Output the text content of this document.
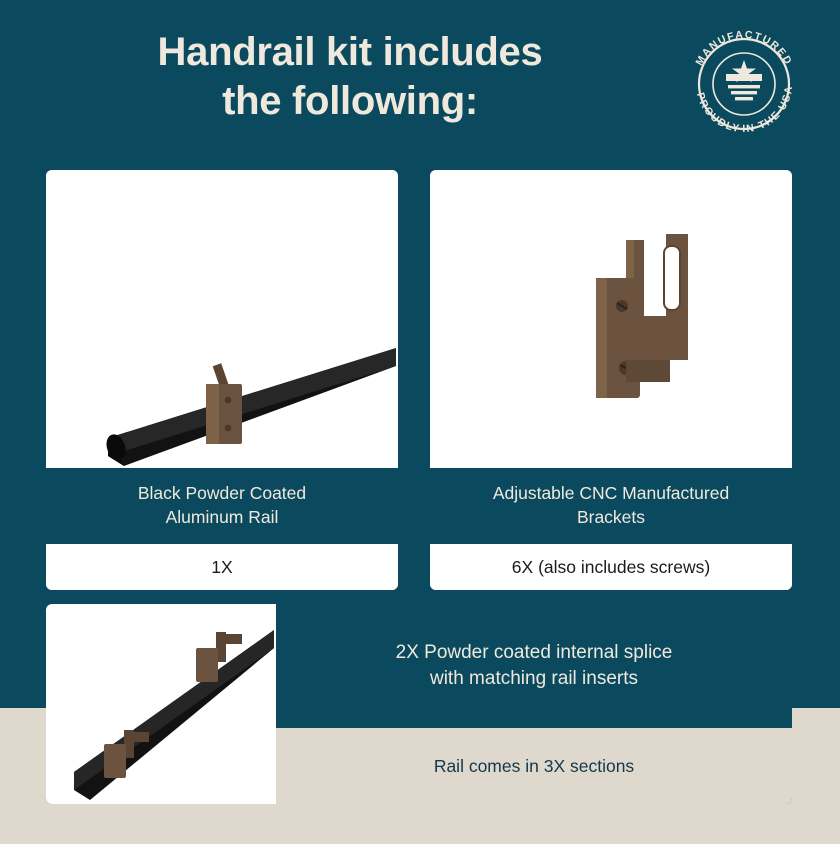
Handrail kit includes
the following:
MANUFACTURED
PROUDLY IN THE USA
Black Powder Coated
Aluminum Rail
1X
Adjustable CNC Manufactured
Brackets
6X (also includes screws)
2X Powder coated internal splice
with matching rail inserts
Rail comes in 3X sections
